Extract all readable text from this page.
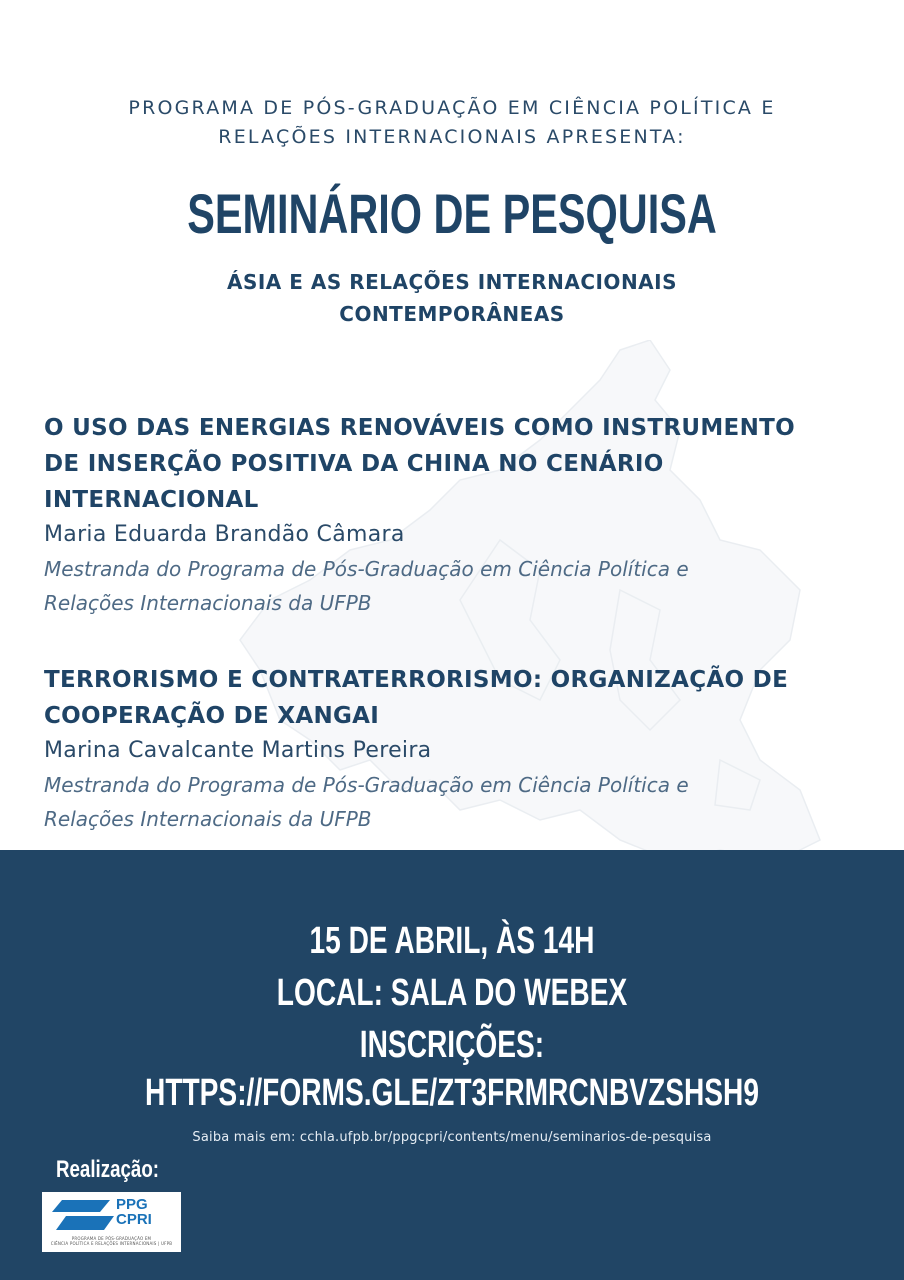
PROGRAMA DE PÓS-GRADUAÇÃO EM CIÊNCIA POLÍTICA E
RELAÇÕES INTERNACIONAIS APRESENTA:
SEMINÁRIO DE PESQUISA
ÁSIA E AS RELAÇÕES INTERNACIONAIS
CONTEMPORÂNEAS

O USO DAS ENERGIAS RENOVÁVEIS COMO INSTRUMENTO

DE INSERÇÃO POSITIVA DA CHINA NO CENÁRIO

INTERNACIONAL

Maria Eduarda Brandão Câmara

Mestranda do Programa de Pós-Graduação em Ciência Política e

Relações Internacionais da UFPB

TERRORISMO E CONTRATERRORISMO: ORGANIZAÇÃO DE

COOPERAÇÃO DE XANGAI

Marina Cavalcante Martins Pereira

Mestranda do Programa de Pós-Graduação em Ciência Política e

Relações Internacionais da UFPB

15 DE ABRIL, ÀS 14H
LOCAL: SALA DO WEBEX
INSCRIÇÕES:
HTTPS://FORMS.GLE/ZT3FRMRCNBVZSHSH9
Saiba mais em: cchla.ufpb.br/ppgcpri/contents/menu/seminarios-de-pesquisa
Realização:
PPG
CPRI
PROGRAMA DE PÓS-GRADUAÇÃO EM
CIÊNCIA POLÍTICA E RELAÇÕES INTERNACIONAIS | UFPB
